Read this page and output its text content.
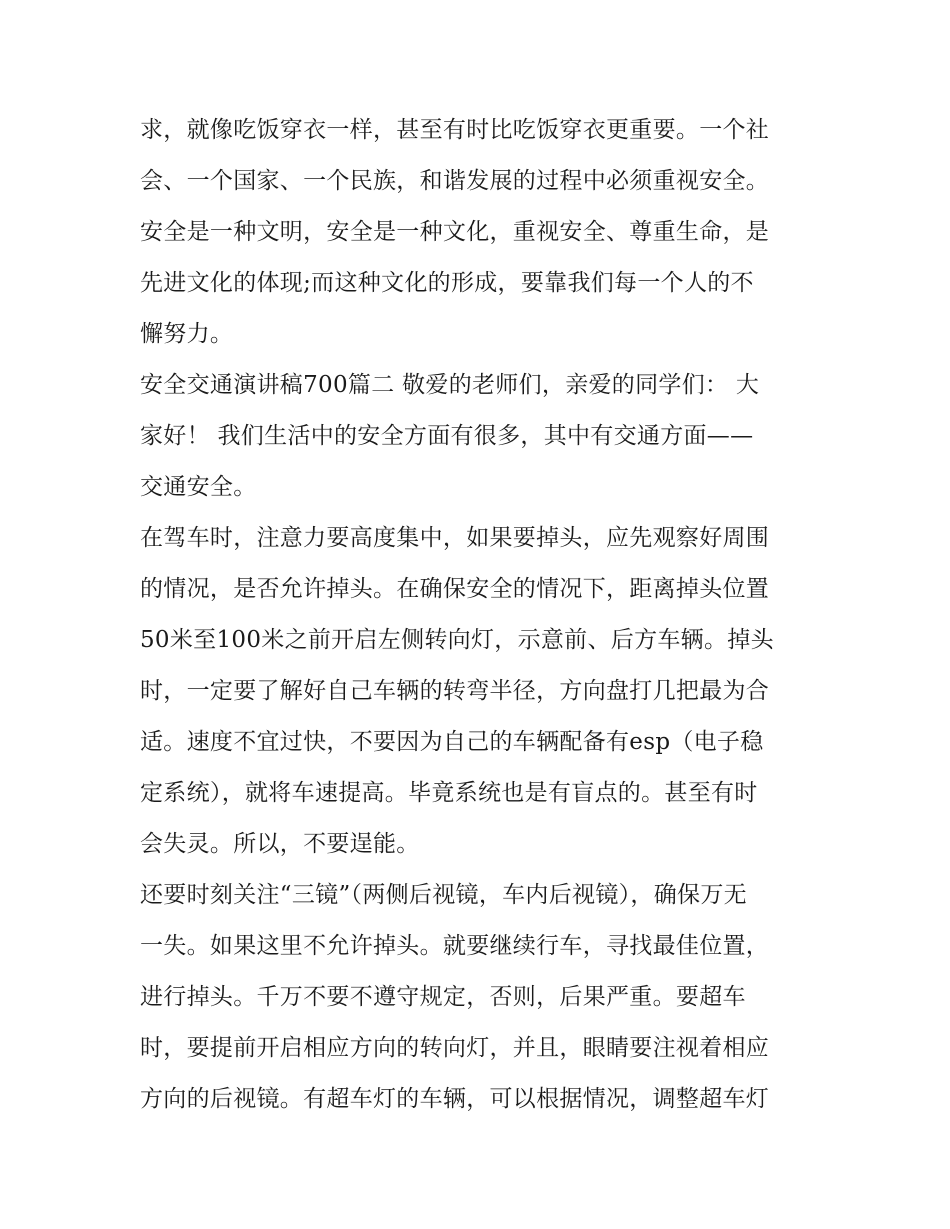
求，就像吃饭穿衣一样，甚至有时比吃饭穿衣更重要。一个社
会、一个国家、一个民族，和谐发展的过程中必须重视安全。
安全是一种文明，安全是一种文化，重视安全、尊重生命，是
先进文化的体现;而这种文化的形成，要靠我们每一个人的不
懈努力。
安全交通演讲稿700篇二 敬爱的老师们，亲爱的同学们： 大
家好！ 我们生活中的安全方面有很多，其中有交通方面——
交通安全。
在驾车时，注意力要高度集中，如果要掉头，应先观察好周围
的情况，是否允许掉头。在确保安全的情况下，距离掉头位置
50米至100米之前开启左侧转向灯，示意前、后方车辆。掉头
时，一定要了解好自己车辆的转弯半径，方向盘打几把最为合
适。速度不宜过快，不要因为自己的车辆配备有esp（电子稳
定系统），就将车速提高。毕竟系统也是有盲点的。甚至有时
会失灵。所以，不要逞能。
还要时刻关注“三镜”（两侧后视镜，车内后视镜），确保万无
一失。如果这里不允许掉头。就要继续行车，寻找最佳位置，
进行掉头。千万不要不遵守规定，否则，后果严重。要超车
时，要提前开启相应方向的转向灯，并且，眼睛要注视着相应
方向的后视镜。有超车灯的车辆，可以根据情况，调整超车灯
